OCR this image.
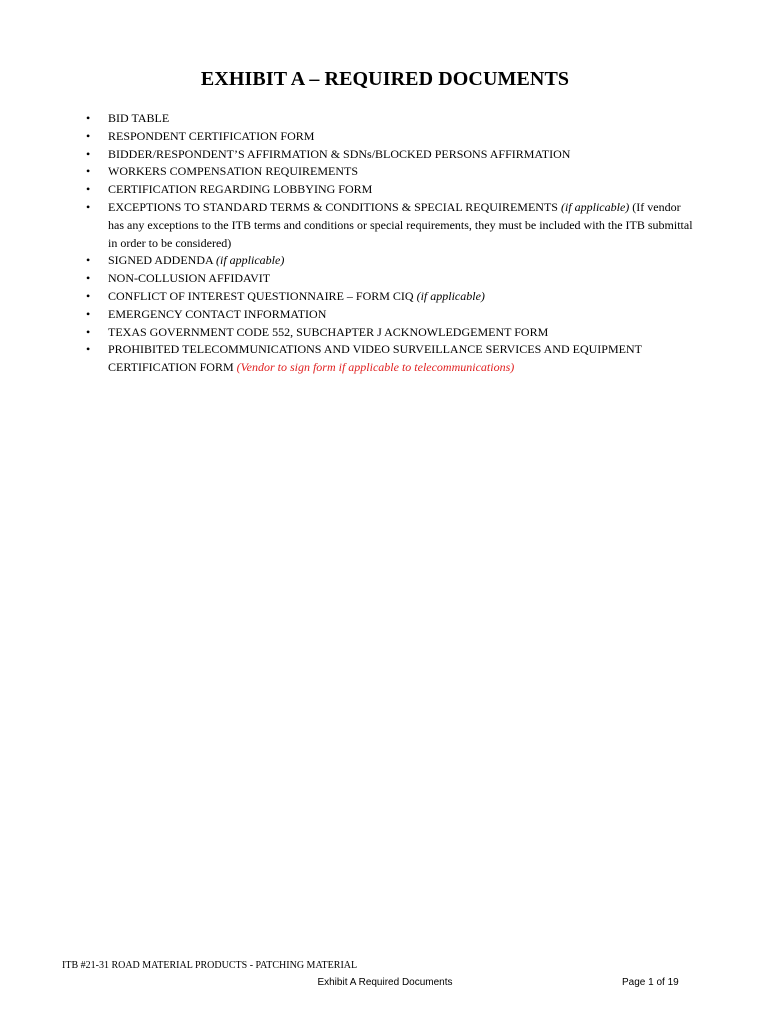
EXHIBIT A – REQUIRED DOCUMENTS
• BID TABLE
• RESPONDENT CERTIFICATION FORM
• BIDDER/RESPONDENT’S AFFIRMATION & SDNs/BLOCKED PERSONS AFFIRMATION
• WORKERS COMPENSATION REQUIREMENTS
• CERTIFICATION REGARDING LOBBYING FORM
• EXCEPTIONS TO STANDARD TERMS & CONDITIONS & SPECIAL REQUIREMENTS (if applicable) (If vendor has any exceptions to the ITB terms and conditions or special requirements, they must be included with the ITB submittal in order to be considered)
• SIGNED ADDENDA (if applicable)
• NON-COLLUSION AFFIDAVIT
• CONFLICT OF INTEREST QUESTIONNAIRE – FORM CIQ (if applicable)
• EMERGENCY CONTACT INFORMATION
• TEXAS GOVERNMENT CODE 552, SUBCHAPTER J ACKNOWLEDGEMENT FORM
• PROHIBITED TELECOMMUNICATIONS AND VIDEO SURVEILLANCE SERVICES AND EQUIPMENT CERTIFICATION FORM (Vendor to sign form if applicable to telecommunications)
ITB #21-31 ROAD MATERIAL PRODUCTS - PATCHING MATERIAL
Exhibit A Required Documents	Page 1 of 19
